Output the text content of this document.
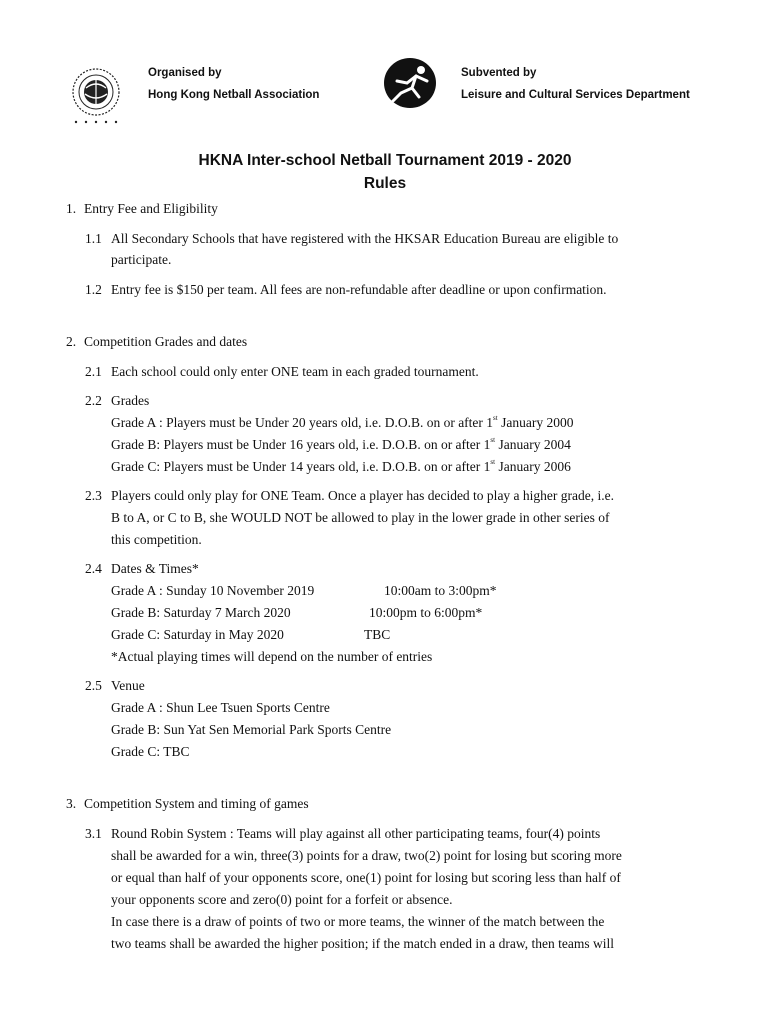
Organised by
Hong Kong Netball Association
Subvented by
Leisure and Cultural Services Department
HKNA Inter-school Netball Tournament 2019 - 2020
Rules
1. Entry Fee and Eligibility
1.1 All Secondary Schools that have registered with the HKSAR Education Bureau are eligible to
participate.
1.2 Entry fee is $150 per team. All fees are non-refundable after deadline or upon confirmation.
2. Competition Grades and dates
2.1 Each school could only enter ONE team in each graded tournament.
2.2 Grades
Grade A : Players must be Under 20 years old, i.e. D.O.B. on or after 1st January 2000
Grade B: Players must be Under 16 years old, i.e. D.O.B. on or after 1st January 2004
Grade C: Players must be Under 14 years old, i.e. D.O.B. on or after 1st January 2006
2.3 Players could only play for ONE Team. Once a player has decided to play a higher grade, i.e.
B to A, or C to B, she WOULD NOT be allowed to play in the lower grade in other series of
this competition.
2.4 Dates & Times*
Grade A : Sunday 10 November 2019	10:00am to 3:00pm*
Grade B: Saturday 7 March 2020	10:00pm to 6:00pm*
Grade C: Saturday in May 2020	TBC
*Actual playing times will depend on the number of entries
2.5 Venue
Grade A : Shun Lee Tsuen Sports Centre
Grade B: Sun Yat Sen Memorial Park Sports Centre
Grade C: TBC
3. Competition System and timing of games
3.1 Round Robin System : Teams will play against all other participating teams, four(4) points
shall be awarded for a win, three(3) points for a draw, two(2) point for losing but scoring more
or equal than half of your opponents score, one(1) point for losing but scoring less than half of
your opponents score and zero(0) point for a forfeit or absence.
In case there is a draw of points of two or more teams, the winner of the match between the
two teams shall be awarded the higher position; if the match ended in a draw, then teams will
